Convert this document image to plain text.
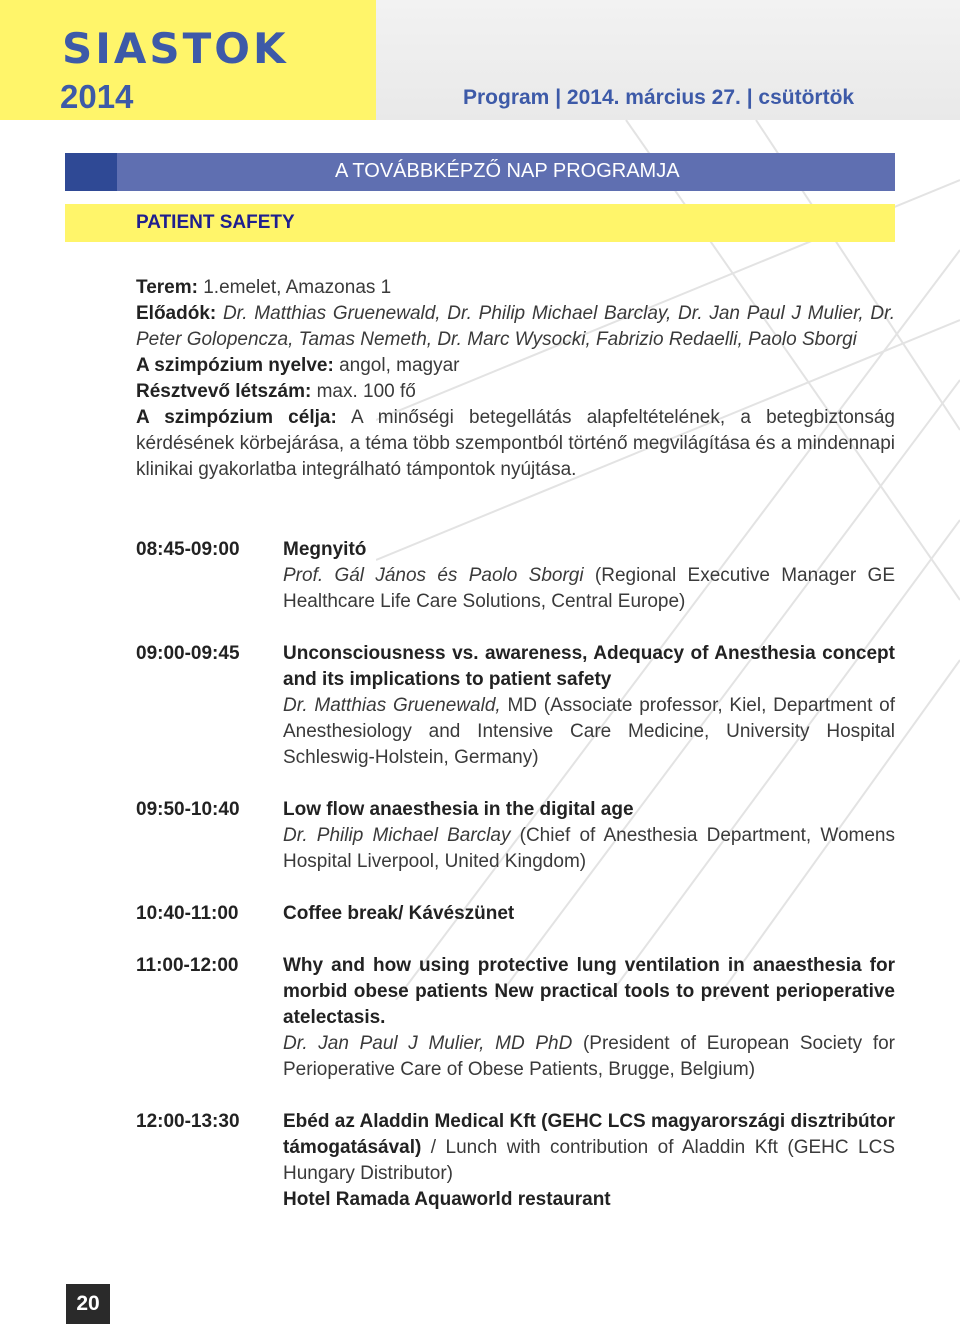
SIASTOK
2014	Program | 2014. március 27. | csütörtök
A TOVÁBBKÉPZŐ NAP PROGRAMJA
PATIENT SAFETY

Terem: 1.emelet, Amazonas 1

Előadók: Dr. Matthias Gruenewald, Dr. Philip Michael Barclay, Dr. Jan Paul J Mulier, Dr. Peter Golopencza, Tamas Nemeth, Dr. Marc Wysocki, Fabrizio Redaelli, Paolo Sborgi

A szimpózium nyelve: angol, magyar

Résztvevő létszám: max. 100 fő

A szimpózium célja: A minőségi betegellátás alapfeltételének, a betegbiztonság kérdésének körbejárása, a téma több szempontból történő megvilágítása és a mindennapi klinikai gyakorlatba integrálható támpontok nyújtása.

08:45-09:00	Megnyitó
Prof. Gál János és Paolo Sborgi (Regional Executive Manager GE Healthcare Life Care Solutions, Central Europe)
09:00-09:45	Unconsciousness vs. awareness, Adequacy of Anesthesia concept and its implications to patient safety
Dr. Matthias Gruenewald, MD (Associate professor, Kiel, Department of Anesthesiology and Intensive Care Medicine, University Hospital Schleswig-Holstein, Germany)
09:50-10:40	Low flow anaesthesia in the digital age
Dr. Philip Michael Barclay (Chief of Anesthesia Department, Womens Hospital Liverpool, United Kingdom)
10:40-11:00	Coffee break/ Kávészünet
11:00-12:00	Why and how using protective lung ventilation in anaesthesia for morbid obese patients New practical tools to prevent perioperative atelectasis.
Dr. Jan Paul J Mulier, MD PhD (President of European Society for Perioperative Care of Obese Patients, Brugge, Belgium)
12:00-13:30	Ebéd az Aladdin Medical Kft (GEHC LCS magyarországi disztribútor támogatásával) / Lunch with contribution of Aladdin Kft (GEHC LCS Hungary Distributor)
Hotel Ramada Aquaworld restaurant
20
